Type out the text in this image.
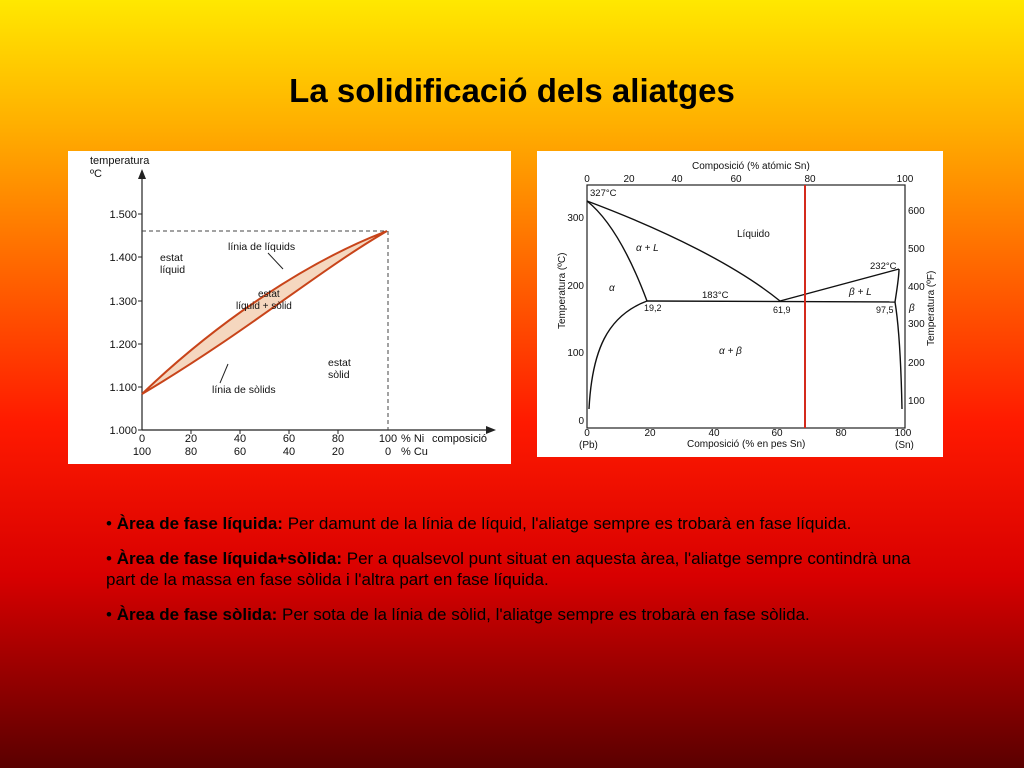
La solidificació dels aliatges
temperatura
ºC
1.500
1.400
1.300
1.200
1.100
1.000
0
100
20
80
40
60
60
40
80
20
100
0
% Ni
% Cu
composició
línia de líquids
estat
líquid
estat
líquid + sòlid
estat
sòlid
línia de sòlids
Composició (% atómic Sn)
0	20	40	60	80	100
0	20	40	60	80	100
(Pb)	(Sn)
Composició (% en pes Sn)
Temperatura (ºC)
300
200
100
0
Temperatura (ºF)
600
500
400
300
200
100
327°C
232°C
183°C
Líquido
α + L
β + L
α
β
α + β
19,2	61,9	97,5

• Àrea de fase líquida: Per damunt de la línia de líquid, l'aliatge sempre es trobarà en fase líquida.

• Àrea de fase líquida+sòlida: Per a qualsevol punt situat en aquesta àrea, l'aliatge sempre contindrà una part de la massa en fase sòlida i l'altra part en fase líquida.

• Àrea de fase sòlida: Per sota de la línia de sòlid, l'aliatge sempre es trobarà en fase sòlida.
